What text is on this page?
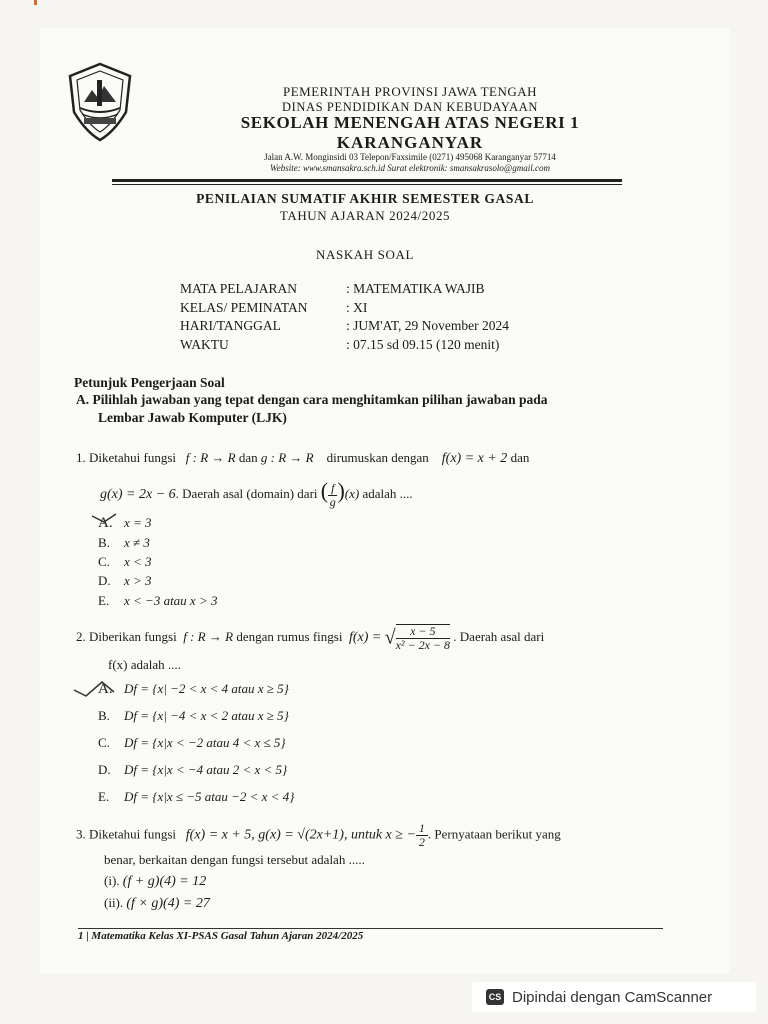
PEMERINTAH PROVINSI JAWA TENGAH
DINAS PENDIDIKAN DAN KEBUDAYAAN
SEKOLAH MENENGAH ATAS NEGERI 1
KARANGANYAR
Jalan A.W. Monginsidi 03 Telepon/Faxsimile (0271) 495068 Karanganyar 57714
Website: www.smansakra.sch.id Surat elektronik: smansakrasolo@gmail.com
PENILAIAN SUMATIF AKHIR SEMESTER GASAL
TAHUN AJARAN 2024/2025
NASKAH SOAL
MATA PELAJARAN	: MATEMATIKA WAJIB
KELAS/ PEMINATAN	: XI
HARI/TANGGAL	: JUM'AT, 29 November 2024
WAKTU	: 07.15 sd 09.15 (120 menit)
Petunjuk Pengerjaan Soal
A. Pilihlah jawaban yang tepat dengan cara menghitamkan pilihan jawaban pada
Lembar Jawab Komputer (LJK)
1. Diketahui fungsi f : R → R dan g : R → R dirumuskan dengan f(x) = x + 2 dan
g(x) = 2x − 6. Daerah asal (domain) dari ( $\frac{f}{g} )(x)$ adalah ....
A. x = 3
B. x ≠ 3
C. x < 3
D. x > 3
E. x < −3 atau x > 3
2. Diberikan fungsi f : R → R dengan rumus fingsi f(x) = √ $\frac{x - 5}{\text{x² − 2x − 8}}$ . Daerah asal dari
f(x) adalah ....
A. Df = {x| −2 < x < 4 atau x ≥ 5}
B. Df = {x| −4 < x < 2 atau x ≥ 5}
C. Df = {x|x < −2 atau 4 < x ≤ 5}
D. Df = {x|x < −4 atau 2 < x < 5}
E. Df = {x|x ≤ −5 atau −2 < x < 4}
3. Diketahui fungsi f(x) = x + 5, g(x) = √(2x+1), untuk x ≥ − $\frac{1}{2}$ . Pernyataan berikut yang
benar, berkaitan dengan fungsi tersebut adalah .....
(i). (f + g)(4) = 12
(ii). (f × g)(4) = 27
1 | Matematika Kelas XI-PSAS Gasal Tahun Ajaran 2024/2025
CS Dipindai dengan CamScanner
